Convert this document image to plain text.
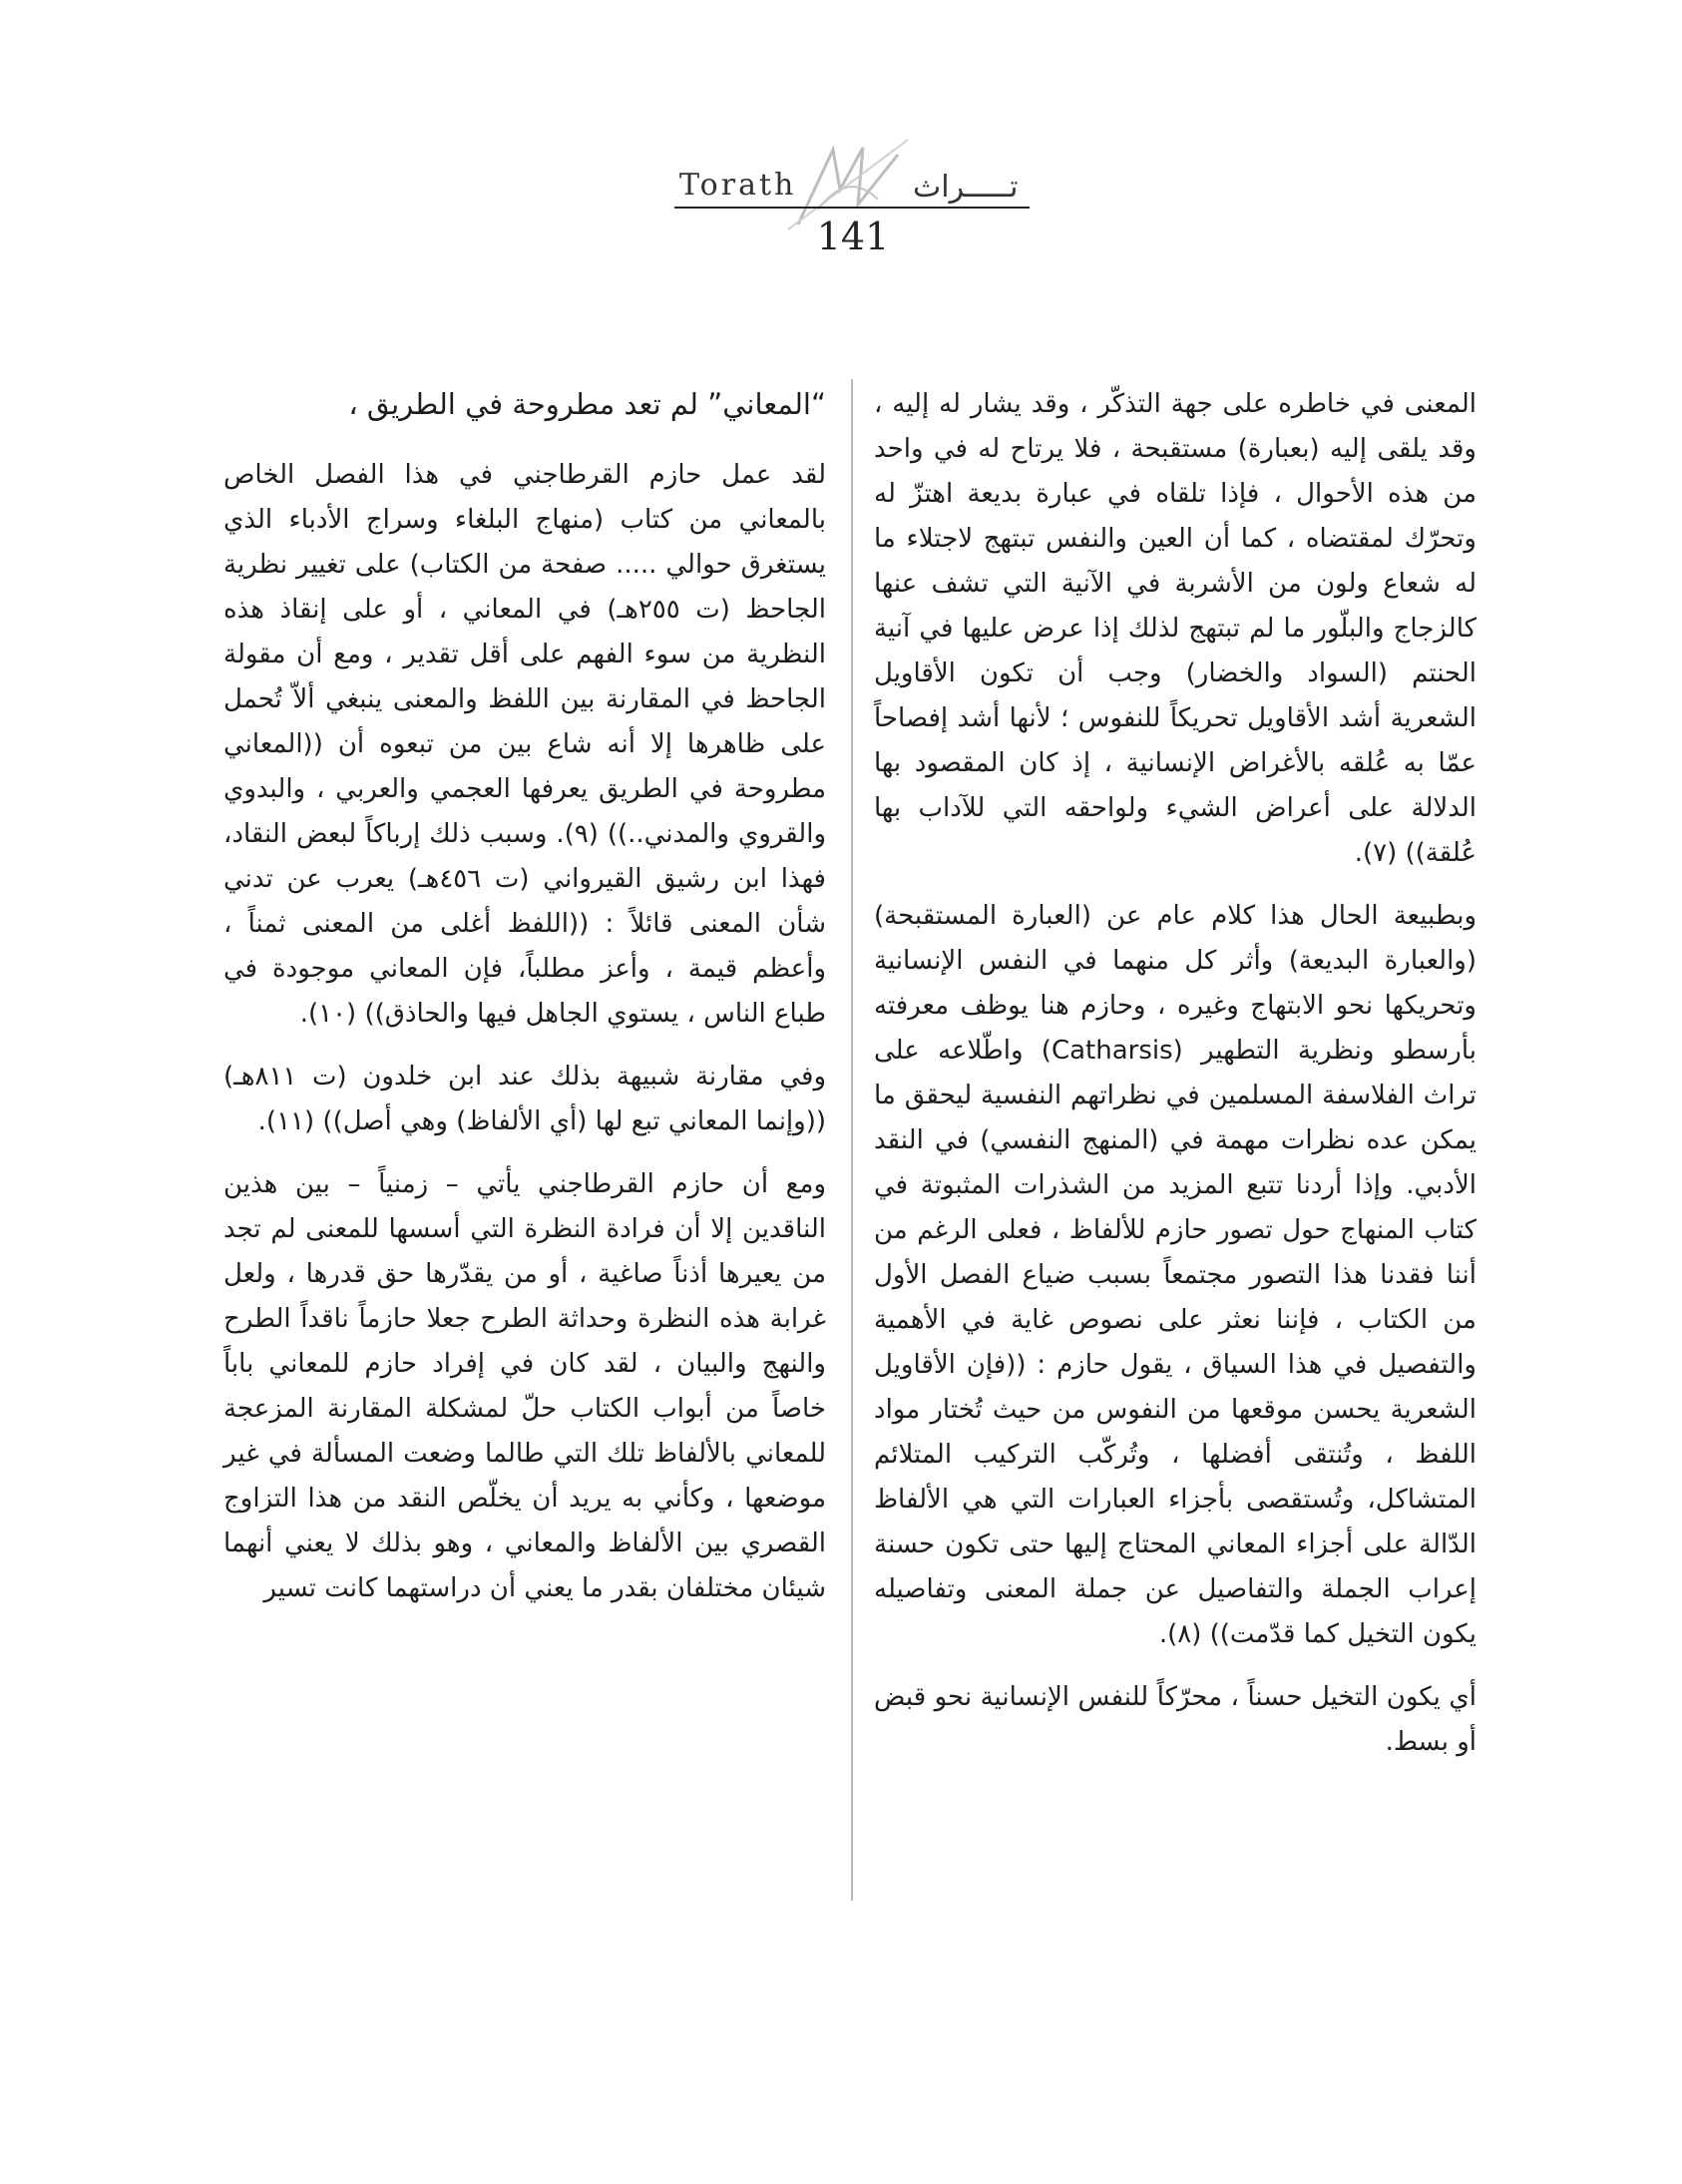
Torath	تـــــراث
141

المعنى في خاطره على جهة التذكّر ، وقد يشار له إليه ، وقد يلقى إليه (بعبارة) مستقبحة ، فلا يرتاح له في واحد من هذه الأحوال ، فإذا تلقاه في عبارة بديعة اهتزّ له وتحرّك لمقتضاه ، كما أن العين والنفس تبتهج لاجتلاء ما له شعاع ولون من الأشربة في الآنية التي تشف عنها كالزجاج والبلّور ما لم تبتهج لذلك إذا عرض عليها في آنية الحنتم (السواد والخضار) وجب أن تكون الأقاويل الشعرية أشد الأقاويل تحريكاً للنفوس ؛ لأنها أشد إفصاحاً عمّا به عُلقه بالأغراض الإنسانية ، إذ كان المقصود بها الدلالة على أعراض الشيء ولواحقه التي للآداب بها عُلقة)) (٧).

وبطبيعة الحال هذا كلام عام عن (العبارة المستقبحة) (والعبارة البديعة) وأثر كل منهما في النفس الإنسانية وتحريكها نحو الابتهاج وغيره ، وحازم هنا يوظف معرفته بأرسطو ونظرية التطهير (Catharsis) واطّلاعه على تراث الفلاسفة المسلمين في نظراتهم النفسية ليحقق ما يمكن عده نظرات مهمة في (المنهج النفسي) في النقد الأدبي. وإذا أردنا تتبع المزيد من الشذرات المثبوتة في كتاب المنهاج حول تصور حازم للألفاظ ، فعلى الرغم من أننا فقدنا هذا التصور مجتمعاً بسبب ضياع الفصل الأول من الكتاب ، فإننا نعثر على نصوص غاية في الأهمية والتفصيل في هذا السياق ، يقول حازم : ((فإن الأقاويل الشعرية يحسن موقعها من النفوس من حيث تُختار مواد اللفظ ، وتُنتقى أفضلها ، وتُركّب التركيب المتلائم المتشاكل، وتُستقصى بأجزاء العبارات التي هي الألفاظ الدّالة على أجزاء المعاني المحتاج إليها حتى تكون حسنة إعراب الجملة والتفاصيل عن جملة المعنى وتفاصيله يكون التخيل كما قدّمت)) (٨).

أي يكون التخيل حسناً ، محرّكاً للنفس الإنسانية نحو قبض أو بسط.

“المعاني” لم تعد مطروحة في الطريق ،

لقد عمل حازم القرطاجني في هذا الفصل الخاص بالمعاني من كتاب (منهاج البلغاء وسراج الأدباء الذي يستغرق حوالي ..... صفحة من الكتاب) على تغيير نظرية الجاحظ (ت ٢٥٥هـ) في المعاني ، أو على إنقاذ هذه النظرية من سوء الفهم على أقل تقدير ، ومع أن مقولة الجاحظ في المقارنة بين اللفظ والمعنى ينبغي ألاّ تُحمل على ظاهرها إلا أنه شاع بين من تبعوه أن ((المعاني مطروحة في الطريق يعرفها العجمي والعربي ، والبدوي والقروي والمدني..)) (٩). وسبب ذلك إرباكاً لبعض النقاد، فهذا ابن رشيق القيرواني (ت ٤٥٦هـ) يعرب عن تدني شأن المعنى قائلاً : ((اللفظ أغلى من المعنى ثمناً ، وأعظم قيمة ، وأعز مطلباً، فإن المعاني موجودة في طباع الناس ، يستوي الجاهل فيها والحاذق)) (١٠).

وفي مقارنة شبيهة بذلك عند ابن خلدون (ت ٨١١هـ) ((وإنما المعاني تبع لها (أي الألفاظ) وهي أصل)) (١١).

ومع أن حازم القرطاجني يأتي – زمنياً – بين هذين الناقدين إلا أن فرادة النظرة التي أسسها للمعنى لم تجد من يعيرها أذناً صاغية ، أو من يقدّرها حق قدرها ، ولعل غرابة هذه النظرة وحداثة الطرح جعلا حازماً ناقداً الطرح والنهج والبيان ، لقد كان في إفراد حازم للمعاني باباً خاصاً من أبواب الكتاب حلّ لمشكلة المقارنة المزعجة للمعاني بالألفاظ تلك التي طالما وضعت المسألة في غير موضعها ، وكأني به يريد أن يخلّص النقد من هذا التزاوج القصري بين الألفاظ والمعاني ، وهو بذلك لا يعني أنهما شيئان مختلفان بقدر ما يعني أن دراستهما كانت تسير
